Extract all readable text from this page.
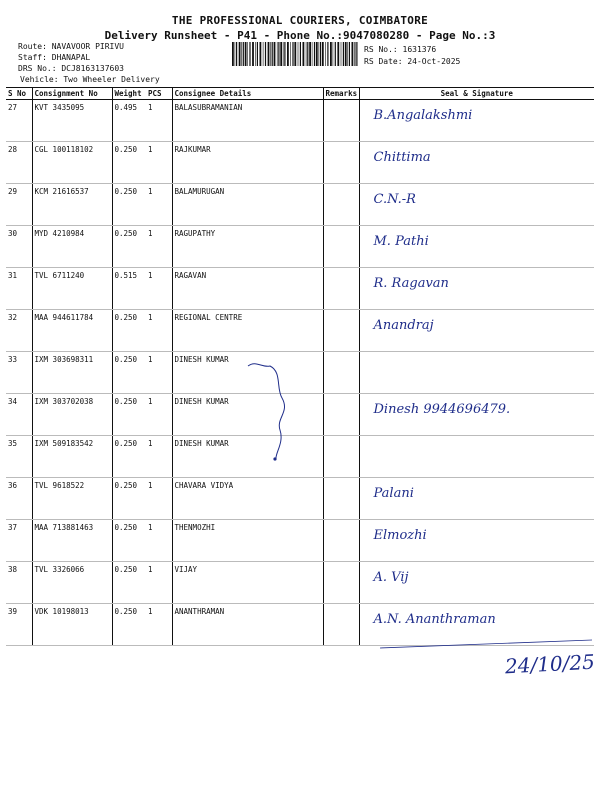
THE PROFESSIONAL COURIERS, COIMBATORE
Delivery Runsheet - P41 - Phone No.:9047080280 - Page No.:3
Route: NAVAVOOR PIRIVU
Staff: DHANAPAL
DRS No.: DCJ8163137603
Vehicle: Two Wheeler Delivery
RS No.: 1631376
RS Date: 24-Oct-2025
S No	Consignment No	Weight	PCS	Consignee Details	Remarks	Seal & Signature
27	KVT 3435095	0.495	1	BALASUBRAMANIAN		B.Angalakshmi

28	CGL 100118102	0.250	1	RAJKUMAR		Chittima

29	KCM 21616537	0.250	1	BALAMURUGAN		C.N.-R

30	MYD 4210984	0.250	1	RAGUPATHY		M. Pathi

31	TVL 6711240	0.515	1	RAGAVAN		R. Ragavan

32	MAA 944611784	0.250	1	REGIONAL CENTRE		Anandraj

33	IXM 303698311	0.250	1	DINESH KUMAR		

34	IXM 303702038	0.250	1	DINESH KUMAR		Dinesh 9944696479.

35	IXM 509183542	0.250	1	DINESH KUMAR		

36	TVL 9618522	0.250	1	CHAVARA VIDYA		Palani

37	MAA 713881463	0.250	1	THENMOZHI		Elmozhi

38	TVL 3326066	0.250	1	VIJAY		A. Vij

39	VDK 10198013	0.250	1	ANANTHRAMAN		A.N. Ananthraman
24/10/25
